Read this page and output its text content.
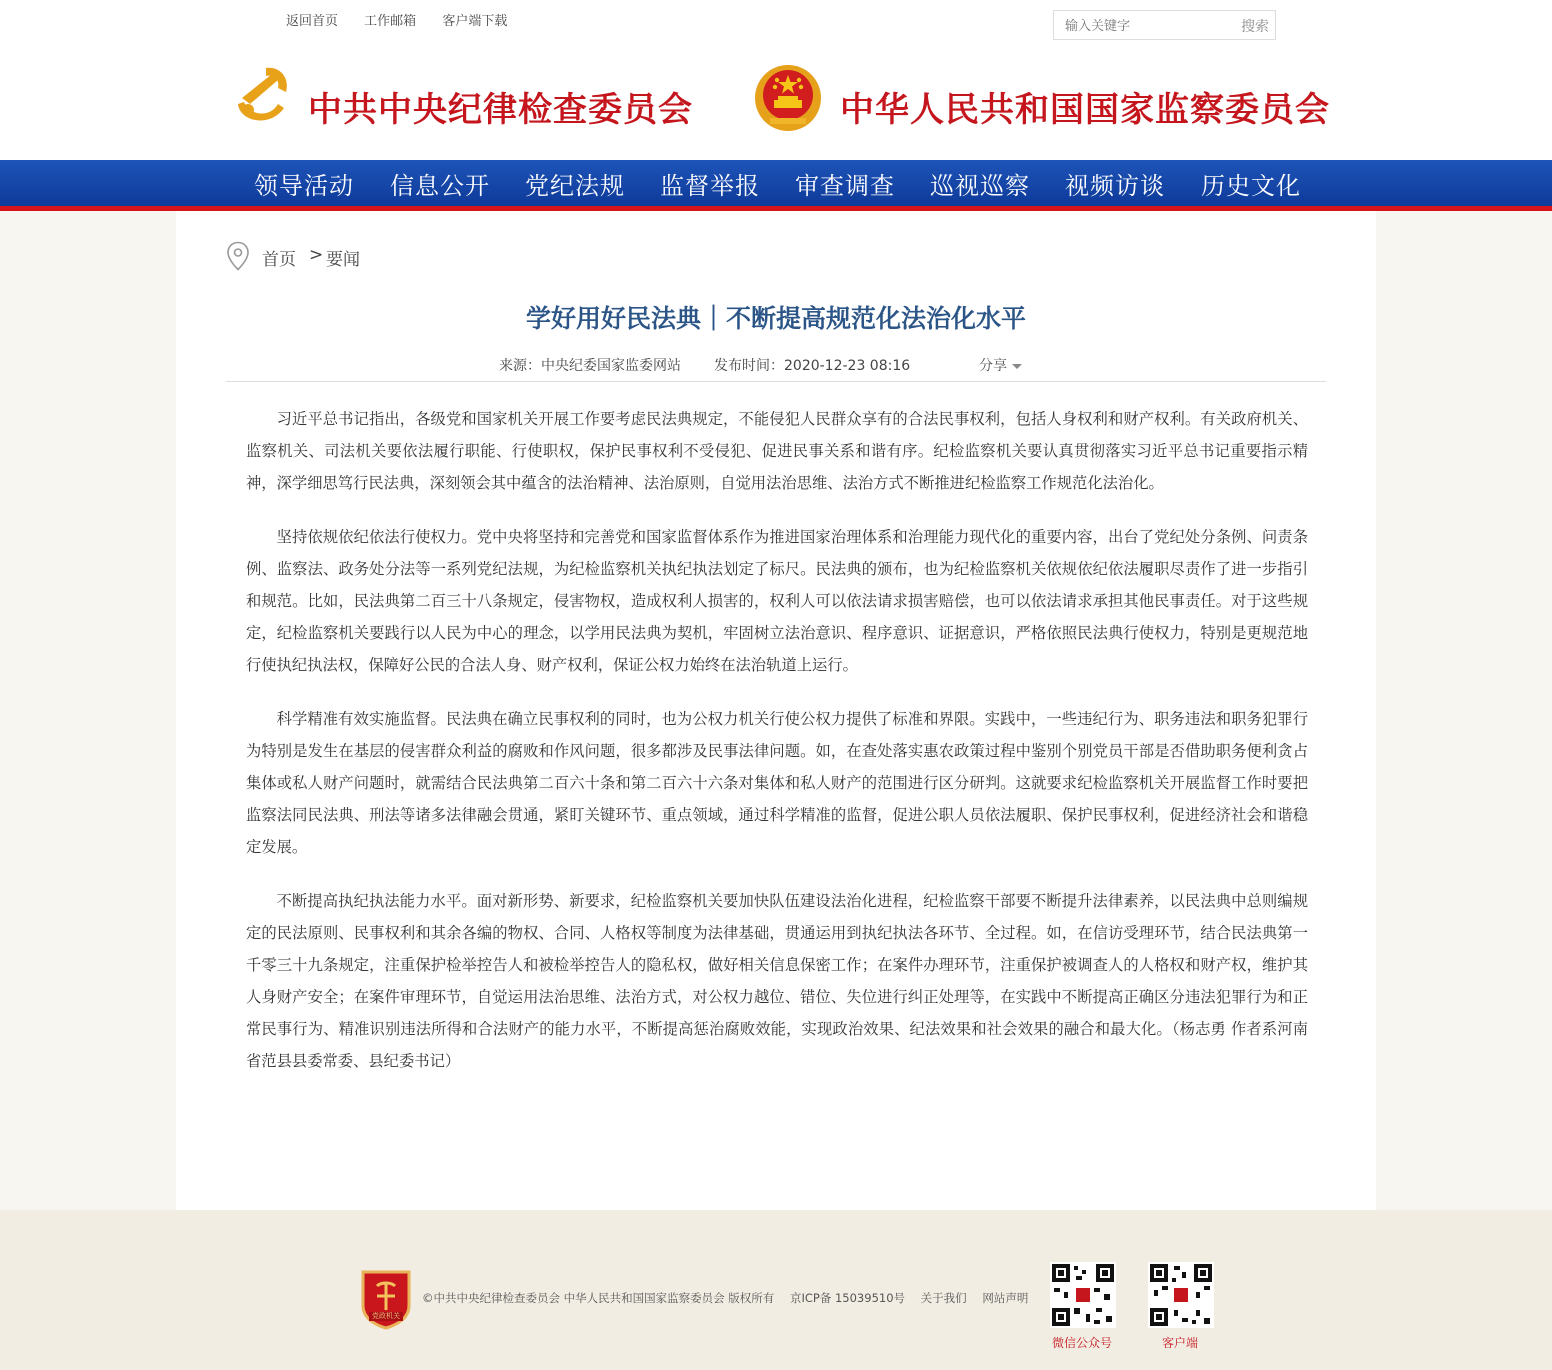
返回首页 工作邮箱 客户端下载
输入关键字	搜索
中共中央纪律检查委员会	中华人民共和国国家监察委员会
领导活动 信息公开 党纪法规 监督举报 审查调查 巡视巡察 视频访谈 历史文化
首页 > 要闻
学好用好民法典｜不断提高规范化法治化水平
来源：中央纪委国家监委网站 发布时间：2020-12-23 08:16	分享

习近平总书记指出，各级党和国家机关开展工作要考虑民法典规定，不能侵犯人民群众享有的合法民事权利，包括人身权利和财产权利。有关政府机关、监察机关、司法机关要依法履行职能、行使职权，保护民事权利不受侵犯、促进民事关系和谐有序。纪检监察机关要认真贯彻落实习近平总书记重要指示精神，深学细思笃行民法典，深刻领会其中蕴含的法治精神、法治原则，自觉用法治思维、法治方式不断推进纪检监察工作规范化法治化。

坚持依规依纪依法行使权力。党中央将坚持和完善党和国家监督体系作为推进国家治理体系和治理能力现代化的重要内容，出台了党纪处分条例、问责条例、监察法、政务处分法等一系列党纪法规，为纪检监察机关执纪执法划定了标尺。民法典的颁布，也为纪检监察机关依规依纪依法履职尽责作了进一步指引和规范。比如，民法典第二百三十八条规定，侵害物权，造成权利人损害的，权利人可以依法请求损害赔偿，也可以依法请求承担其他民事责任。对于这些规定，纪检监察机关要践行以人民为中心的理念，以学用民法典为契机，牢固树立法治意识、程序意识、证据意识，严格依照民法典行使权力，特别是更规范地行使执纪执法权，保障好公民的合法人身、财产权利，保证公权力始终在法治轨道上运行。

科学精准有效实施监督。民法典在确立民事权利的同时，也为公权力机关行使公权力提供了标准和界限。实践中，一些违纪行为、职务违法和职务犯罪行为特别是发生在基层的侵害群众利益的腐败和作风问题，很多都涉及民事法律问题。如，在查处落实惠农政策过程中鉴别个别党员干部是否借助职务便利贪占集体或私人财产问题时，就需结合民法典第二百六十条和第二百六十六条对集体和私人财产的范围进行区分研判。这就要求纪检监察机关开展监督工作时要把监察法同民法典、刑法等诸多法律融会贯通，紧盯关键环节、重点领域，通过科学精准的监督，促进公职人员依法履职、保护民事权利，促进经济社会和谐稳定发展。

不断提高执纪执法能力水平。面对新形势、新要求，纪检监察机关要加快队伍建设法治化进程，纪检监察干部要不断提升法律素养，以民法典中总则编规定的民法原则、民事权利和其余各编的物权、合同、人格权等制度为法律基础，贯通运用到执纪执法各环节、全过程。如，在信访受理环节，结合民法典第一千零三十九条规定，注重保护检举控告人和被检举控告人的隐私权，做好相关信息保密工作；在案件办理环节，注重保护被调查人的人格权和财产权，维护其人身财产安全；在案件审理环节，自觉运用法治思维、法治方式，对公权力越位、错位、失位进行纠正处理等，在实践中不断提高正确区分违法犯罪行为和正常民事行为、精准识别违法所得和合法财产的能力水平，不断提高惩治腐败效能，实现政治效果、纪法效果和社会效果的融合和最大化。（杨志勇 作者系河南省范县县委常委、县纪委书记）

党政机关
©中共中央纪律检查委员会 中华人民共和国国家监察委员会 版权所有 京ICP备 15039510号 关于我们 网站声明
微信公众号	客户端
